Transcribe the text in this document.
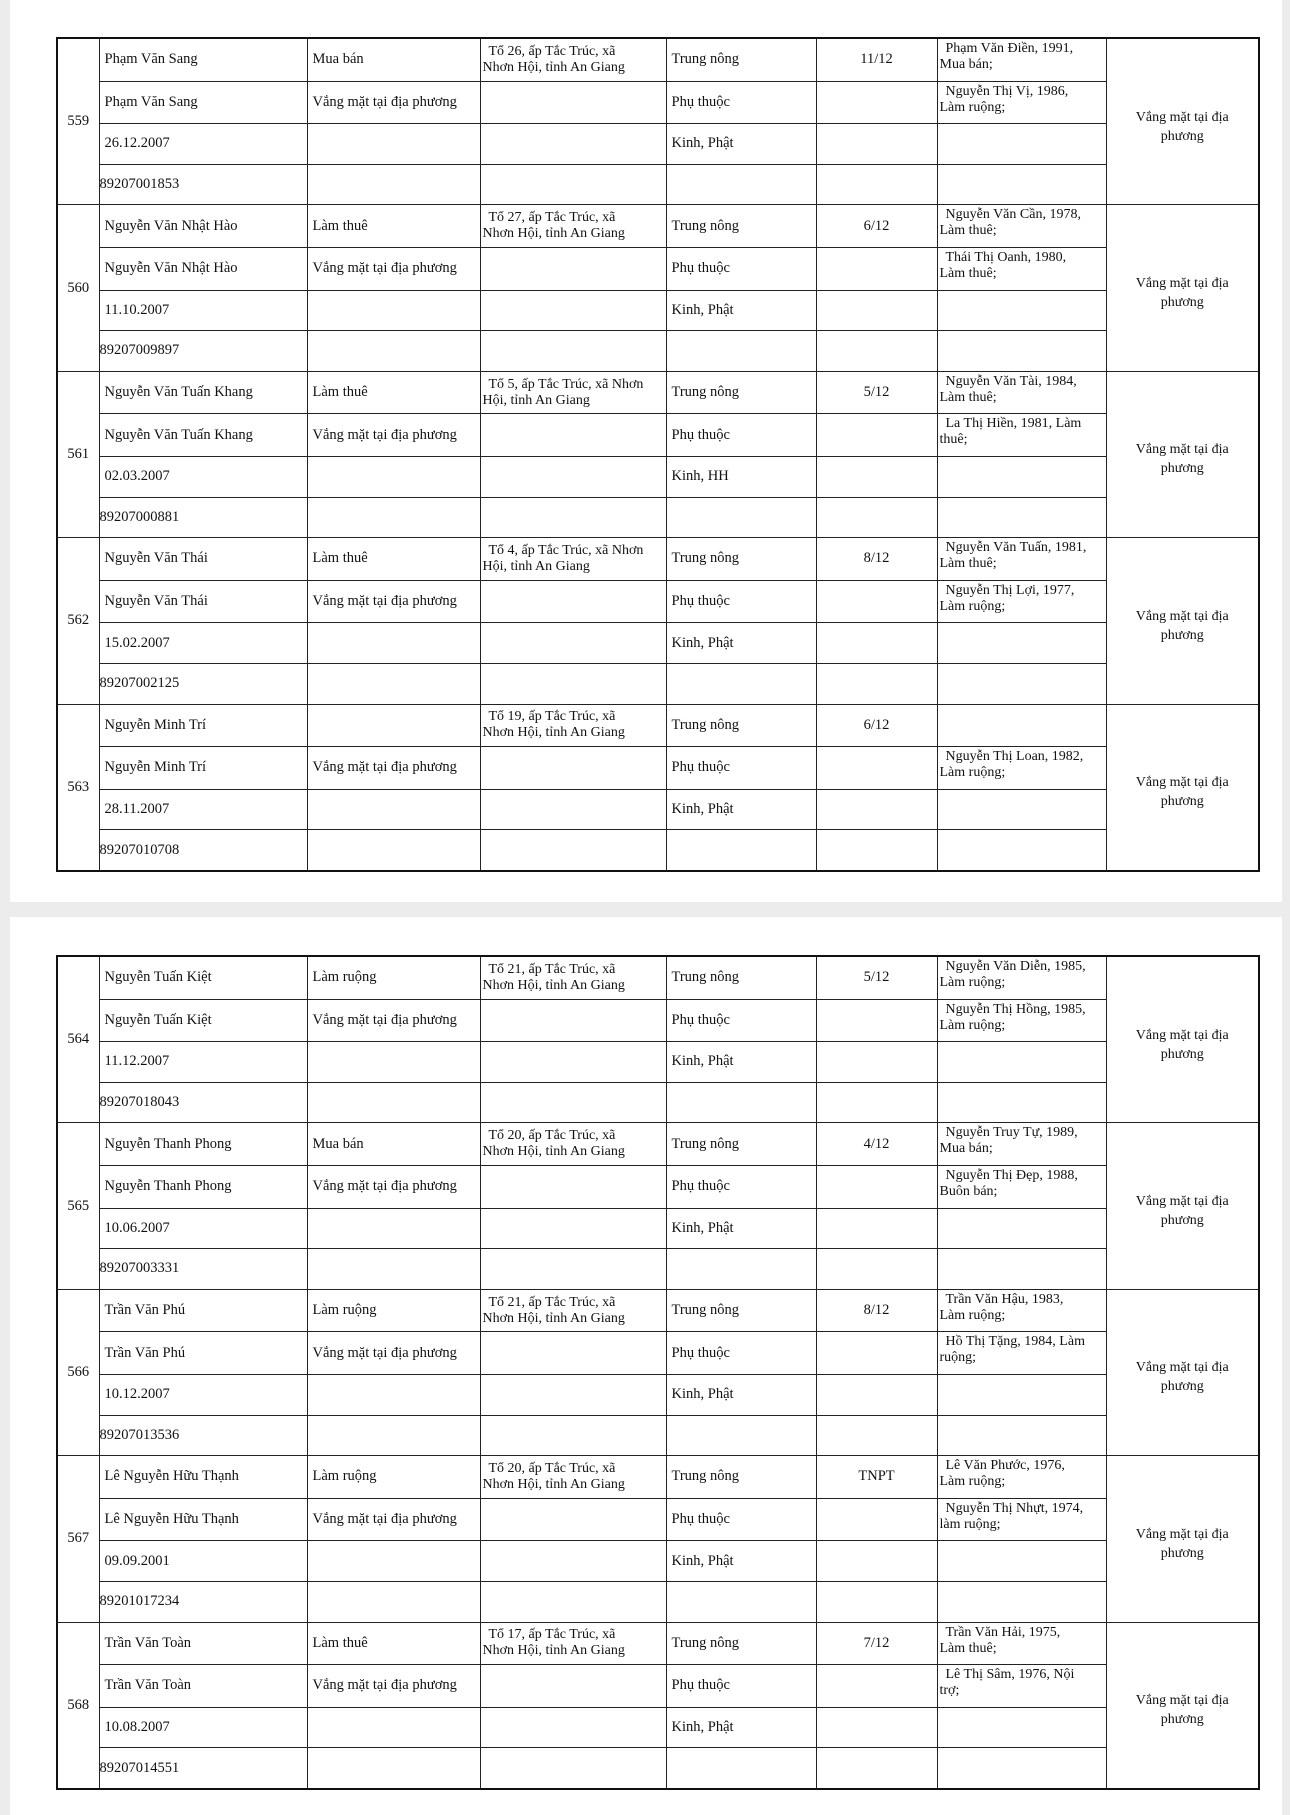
559	Phạm Văn Sang	Mua bán	Tổ 26, ấp Tắc Trúc, xã
Nhơn Hội, tỉnh An Giang	Trung nông	11/12	Phạm Văn Điền, 1991,
Mua bán;	Vắng mặt tại địa
phương

	Phạm Văn Sang	Vắng mặt tại địa phương		Phụ thuộc		Nguyễn Thị Vị, 1986,
Làm ruộng;	

	26.12.2007			Kinh, Phật			
	89207001853						
560	Nguyễn Văn Nhật Hào	Làm thuê	Tổ 27, ấp Tắc Trúc, xã
Nhơn Hội, tỉnh An Giang	Trung nông	6/12	Nguyễn Văn Cần, 1978,
Làm thuê;	Vắng mặt tại địa
phương

	Nguyễn Văn Nhật Hào	Vắng mặt tại địa phương		Phụ thuộc		Thái Thị Oanh, 1980,
Làm thuê;	

	11.10.2007			Kinh, Phật			
	89207009897						
561	Nguyễn Văn Tuấn Khang	Làm thuê	Tổ 5, ấp Tắc Trúc, xã Nhơn
Hội, tỉnh An Giang	Trung nông	5/12	Nguyễn Văn Tài, 1984,
Làm thuê;	Vắng mặt tại địa
phương

	Nguyễn Văn Tuấn Khang	Vắng mặt tại địa phương		Phụ thuộc		La Thị Hiền, 1981, Làm
thuê;	

	02.03.2007			Kinh, HH			
	89207000881						
562	Nguyễn Văn Thái	Làm thuê	Tổ 4, ấp Tắc Trúc, xã Nhơn
Hội, tỉnh An Giang	Trung nông	8/12	Nguyễn Văn Tuấn, 1981,
Làm thuê;	Vắng mặt tại địa
phương

	Nguyễn Văn Thái	Vắng mặt tại địa phương		Phụ thuộc		Nguyễn Thị Lợi, 1977,
Làm ruộng;	

	15.02.2007			Kinh, Phật			
	89207002125						
563	Nguyễn Minh Trí		Tổ 19, ấp Tắc Trúc, xã
Nhơn Hội, tỉnh An Giang	Trung nông	6/12		Vắng mặt tại địa
phương

	Nguyễn Minh Trí	Vắng mặt tại địa phương		Phụ thuộc		Nguyễn Thị Loan, 1982,
Làm ruộng;	

	28.11.2007			Kinh, Phật			
	89207010708						
564	Nguyễn Tuấn Kiệt	Làm ruộng	Tổ 21, ấp Tắc Trúc, xã
Nhơn Hội, tỉnh An Giang	Trung nông	5/12	Nguyễn Văn Diễn, 1985,
Làm ruộng;	Vắng mặt tại địa
phương

	Nguyễn Tuấn Kiệt	Vắng mặt tại địa phương		Phụ thuộc		Nguyễn Thị Hồng, 1985,
Làm ruộng;	

	11.12.2007			Kinh, Phật			
	89207018043						
565	Nguyễn Thanh Phong	Mua bán	Tổ 20, ấp Tắc Trúc, xã
Nhơn Hội, tỉnh An Giang	Trung nông	4/12	Nguyễn Truy Tự, 1989,
Mua bán;	Vắng mặt tại địa
phương

	Nguyễn Thanh Phong	Vắng mặt tại địa phương		Phụ thuộc		Nguyễn Thị Đẹp, 1988,
Buôn bán;	

	10.06.2007			Kinh, Phật			
	89207003331						
566	Trần Văn Phú	Làm ruộng	Tổ 21, ấp Tắc Trúc, xã
Nhơn Hội, tỉnh An Giang	Trung nông	8/12	Trần Văn Hậu, 1983,
Làm ruộng;	Vắng mặt tại địa
phương

	Trần Văn Phú	Vắng mặt tại địa phương		Phụ thuộc		Hồ Thị Tặng, 1984, Làm
ruộng;	

	10.12.2007			Kinh, Phật			
	89207013536						
567	Lê Nguyễn Hữu Thạnh	Làm ruộng	Tổ 20, ấp Tắc Trúc, xã
Nhơn Hội, tỉnh An Giang	Trung nông	TNPT	Lê Văn Phước, 1976,
Làm ruộng;	Vắng mặt tại địa
phương

	Lê Nguyễn Hữu Thạnh	Vắng mặt tại địa phương		Phụ thuộc		Nguyễn Thị Nhựt, 1974,
làm ruộng;	

	09.09.2001			Kinh, Phật			
	89201017234						
568	Trần Văn Toàn	Làm thuê	Tổ 17, ấp Tắc Trúc, xã
Nhơn Hội, tỉnh An Giang	Trung nông	7/12	Trần Văn Hải, 1975,
Làm thuê;	Vắng mặt tại địa
phương

	Trần Văn Toàn	Vắng mặt tại địa phương		Phụ thuộc		Lê Thị Sâm, 1976, Nội
trợ;	

	10.08.2007			Kinh, Phật			
	89207014551						
